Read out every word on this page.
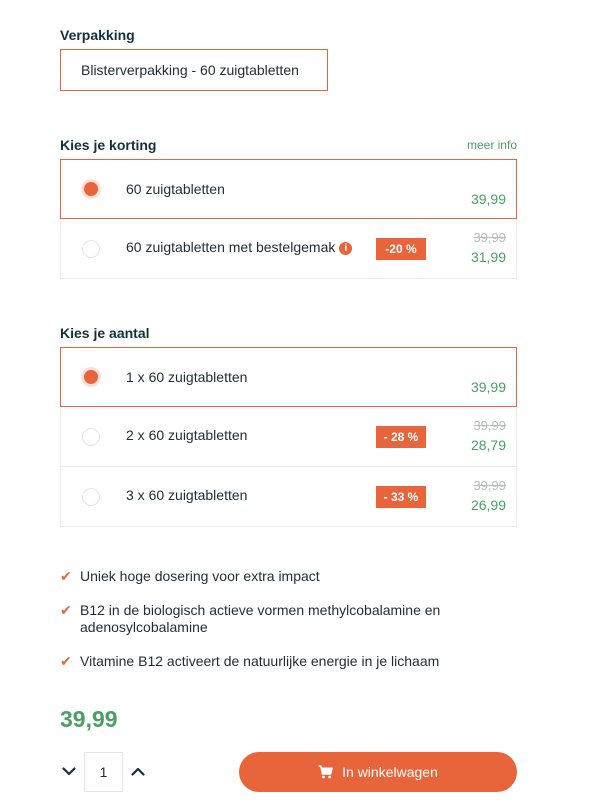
Verpakking
Blisterverpakking - 60 zuigtabletten
Kies je korting	meer info
60 zuigtabletten
39,99
60 zuigtabletten met bestelgemak i	-20 %
39,99
31,99
Kies je aantal
1 x 60 zuigtabletten
39,99
2 x 60 zuigtabletten	- 28 %
39,99
28,79
3 x 60 zuigtabletten	- 33 %
39,99
26,99
✔ Uniek hoge dosering voor extra impact
✔ B12 in de biologisch actieve vormen methylcobalamine en adenosylcobalamine
✔ Vitamine B12 activeert de natuurlijke energie in je lichaam
39,99
1
In winkelwagen
